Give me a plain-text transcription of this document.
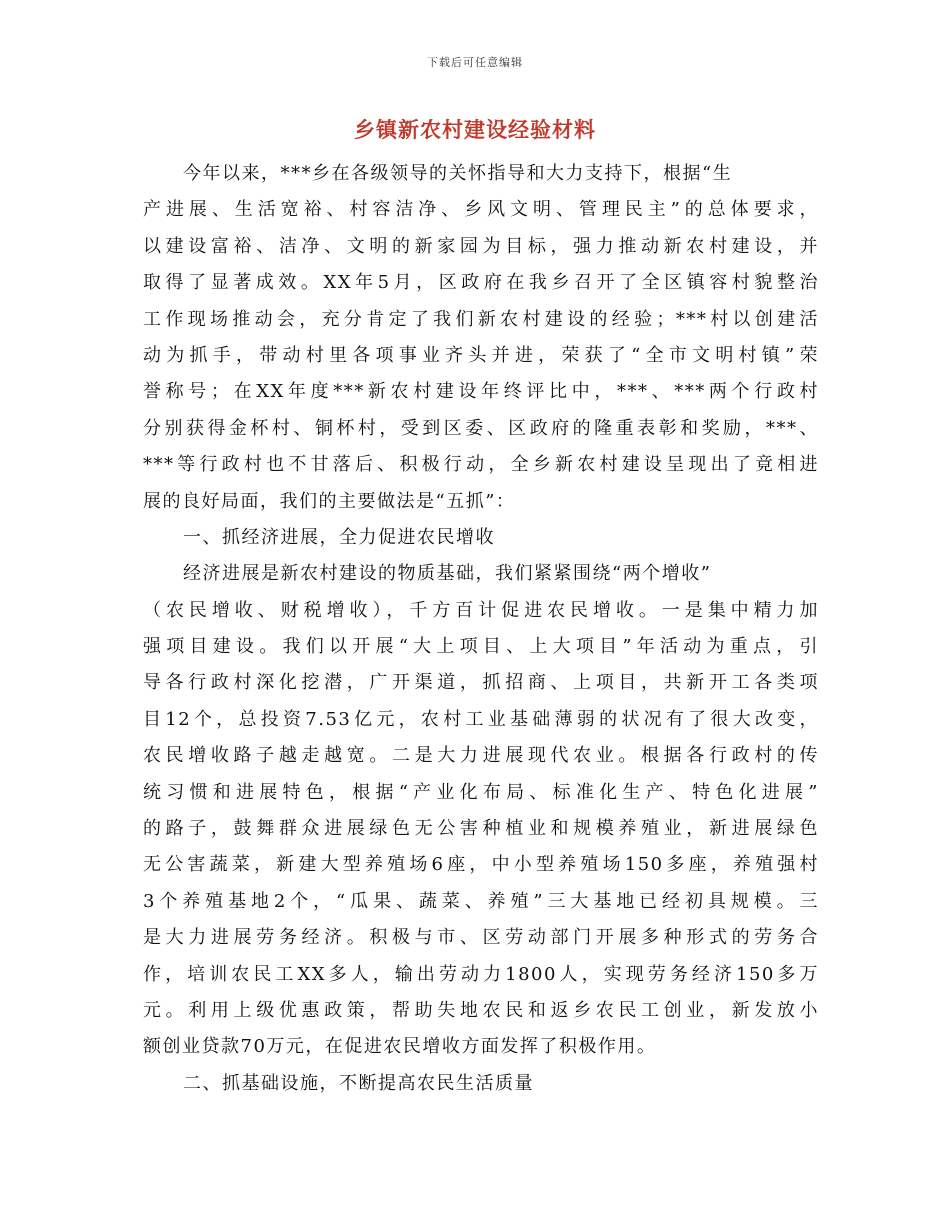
下载后可任意编辑
乡镇新农村建设经验材料
今年以来，***乡在各级领导的关怀指导和大力支持下，根据“生
产进展、生活宽裕、村容洁净、乡风文明、管理民主”的总体要求，
以建设富裕、洁净、文明的新家园为目标，强力推动新农村建设，并
取得了显著成效。XX年5月，区政府在我乡召开了全区镇容村貌整治
工作现场推动会，充分肯定了我们新农村建设的经验；***村以创建活
动为抓手，带动村里各项事业齐头并进，荣获了“全市文明村镇”荣
誉称号；在XX年度***新农村建设年终评比中，***、***两个行政村
分别获得金杯村、铜杯村，受到区委、区政府的隆重表彰和奖励，***、
***等行政村也不甘落后、积极行动，全乡新农村建设呈现出了竟相进
展的良好局面，我们的主要做法是“五抓”：
一、抓经济进展，全力促进农民增收
经济进展是新农村建设的物质基础，我们紧紧围绕“两个增收”
（农民增收、财税增收），千方百计促进农民增收。一是集中精力加
强项目建设。我们以开展“大上项目、上大项目”年活动为重点，引
导各行政村深化挖潜，广开渠道，抓招商、上项目，共新开工各类项
目12个，总投资7.53亿元，农村工业基础薄弱的状况有了很大改变，
农民增收路子越走越宽。二是大力进展现代农业。根据各行政村的传
统习惯和进展特色，根据“产业化布局、标准化生产、特色化进展”
的路子，鼓舞群众进展绿色无公害种植业和规模养殖业，新进展绿色
无公害蔬菜，新建大型养殖场6座，中小型养殖场150多座，养殖强村
3个养殖基地2个，“瓜果、蔬菜、养殖”三大基地已经初具规模。三
是大力进展劳务经济。积极与市、区劳动部门开展多种形式的劳务合
作，培训农民工XX多人，输出劳动力1800人，实现劳务经济150多万
元。利用上级优惠政策，帮助失地农民和返乡农民工创业，新发放小
额创业贷款70万元，在促进农民增收方面发挥了积极作用。
二、抓基础设施，不断提高农民生活质量
